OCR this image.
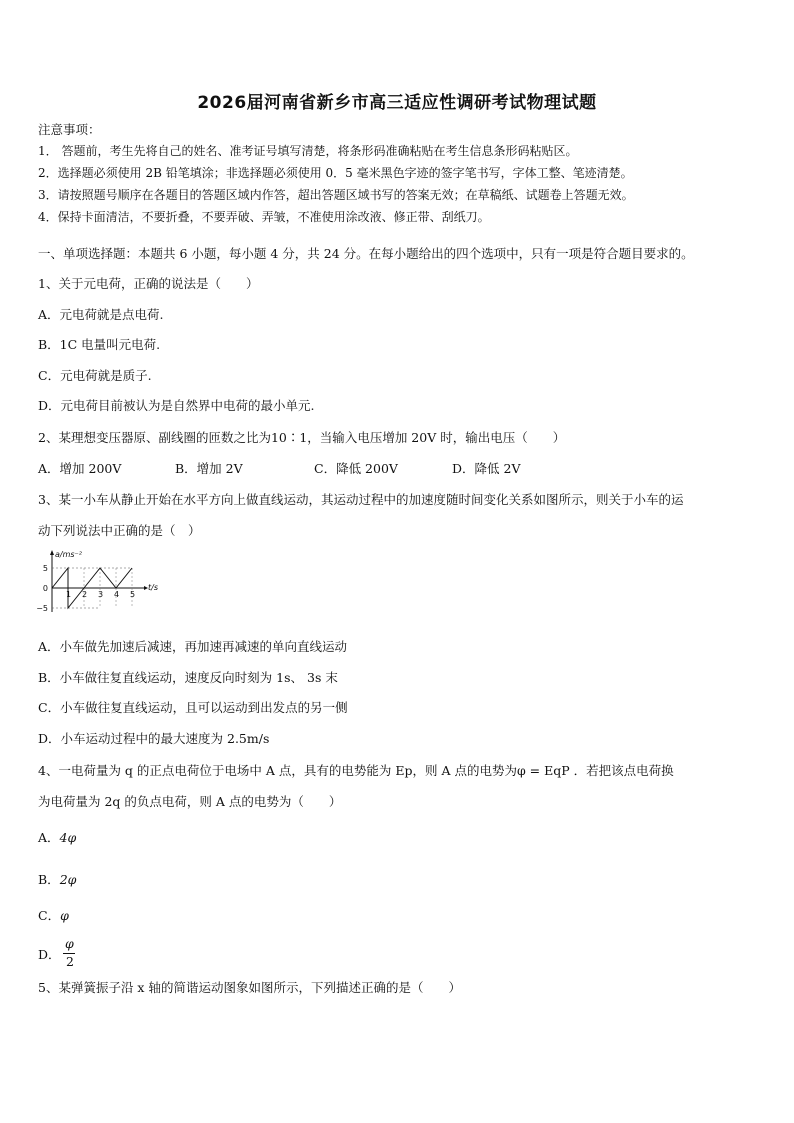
2026届河南省新乡市高三适应性调研考试物理试题
注意事项：
1． 答题前，考生先将自己的姓名、准考证号填写清楚，将条形码准确粘贴在考生信息条形码粘贴区。
2．选择题必须使用 2B 铅笔填涂；非选择题必须使用 0．5 毫米黑色字迹的签字笔书写，字体工整、笔迹清楚。
3．请按照题号顺序在各题目的答题区域内作答，超出答题区域书写的答案无效；在草稿纸、试题卷上答题无效。
4．保持卡面清洁，不要折叠，不要弄破、弄皱，不准使用涂改液、修正带、刮纸刀。
一、单项选择题：本题共 6 小题，每小题 4 分，共 24 分。在每小题给出的四个选项中，只有一项是符合题目要求的。
1、关于元电荷，正确的说法是（　　）
A．元电荷就是点电荷.
B．1C 电量叫元电荷.
C．元电荷就是质子.
D．元电荷目前被认为是自然界中电荷的最小单元.
2、某理想变压器原、副线圈的匝数之比为10∶1，当输入电压增加 20V 时，输出电压（　　）
A．增加 200V	B．增加 2V	C．降低 200V	D．降低 2V
3、某一小车从静止开始在水平方向上做直线运动，其运动过程中的加速度随时间变化关系如图所示，则关于小车的运
动下列说法中正确的是（　）
5
0
−5
1 2 3 4 5
a/ms⁻²
t/s
A．小车做先加速后减速，再加速再减速的单向直线运动
B．小车做往复直线运动，速度反向时刻为 1s、 3s 末
C．小车做往复直线运动，且可以运动到出发点的另一侧
D．小车运动过程中的最大速度为 2.5m/s
4、一电荷量为 q 的正点电荷位于电场中 A 点，具有的电势能为 Ep，则 A 点的电势为φ = EqP ．若把该点电荷换
为电荷量为 2q 的负点电荷，则 A 点的电势为（　　）
A．4φ
B．2φ
C．φ
D．
φ
2
5、某弹簧振子沿 x 轴的简谐运动图象如图所示，下列描述正确的是（　　）
